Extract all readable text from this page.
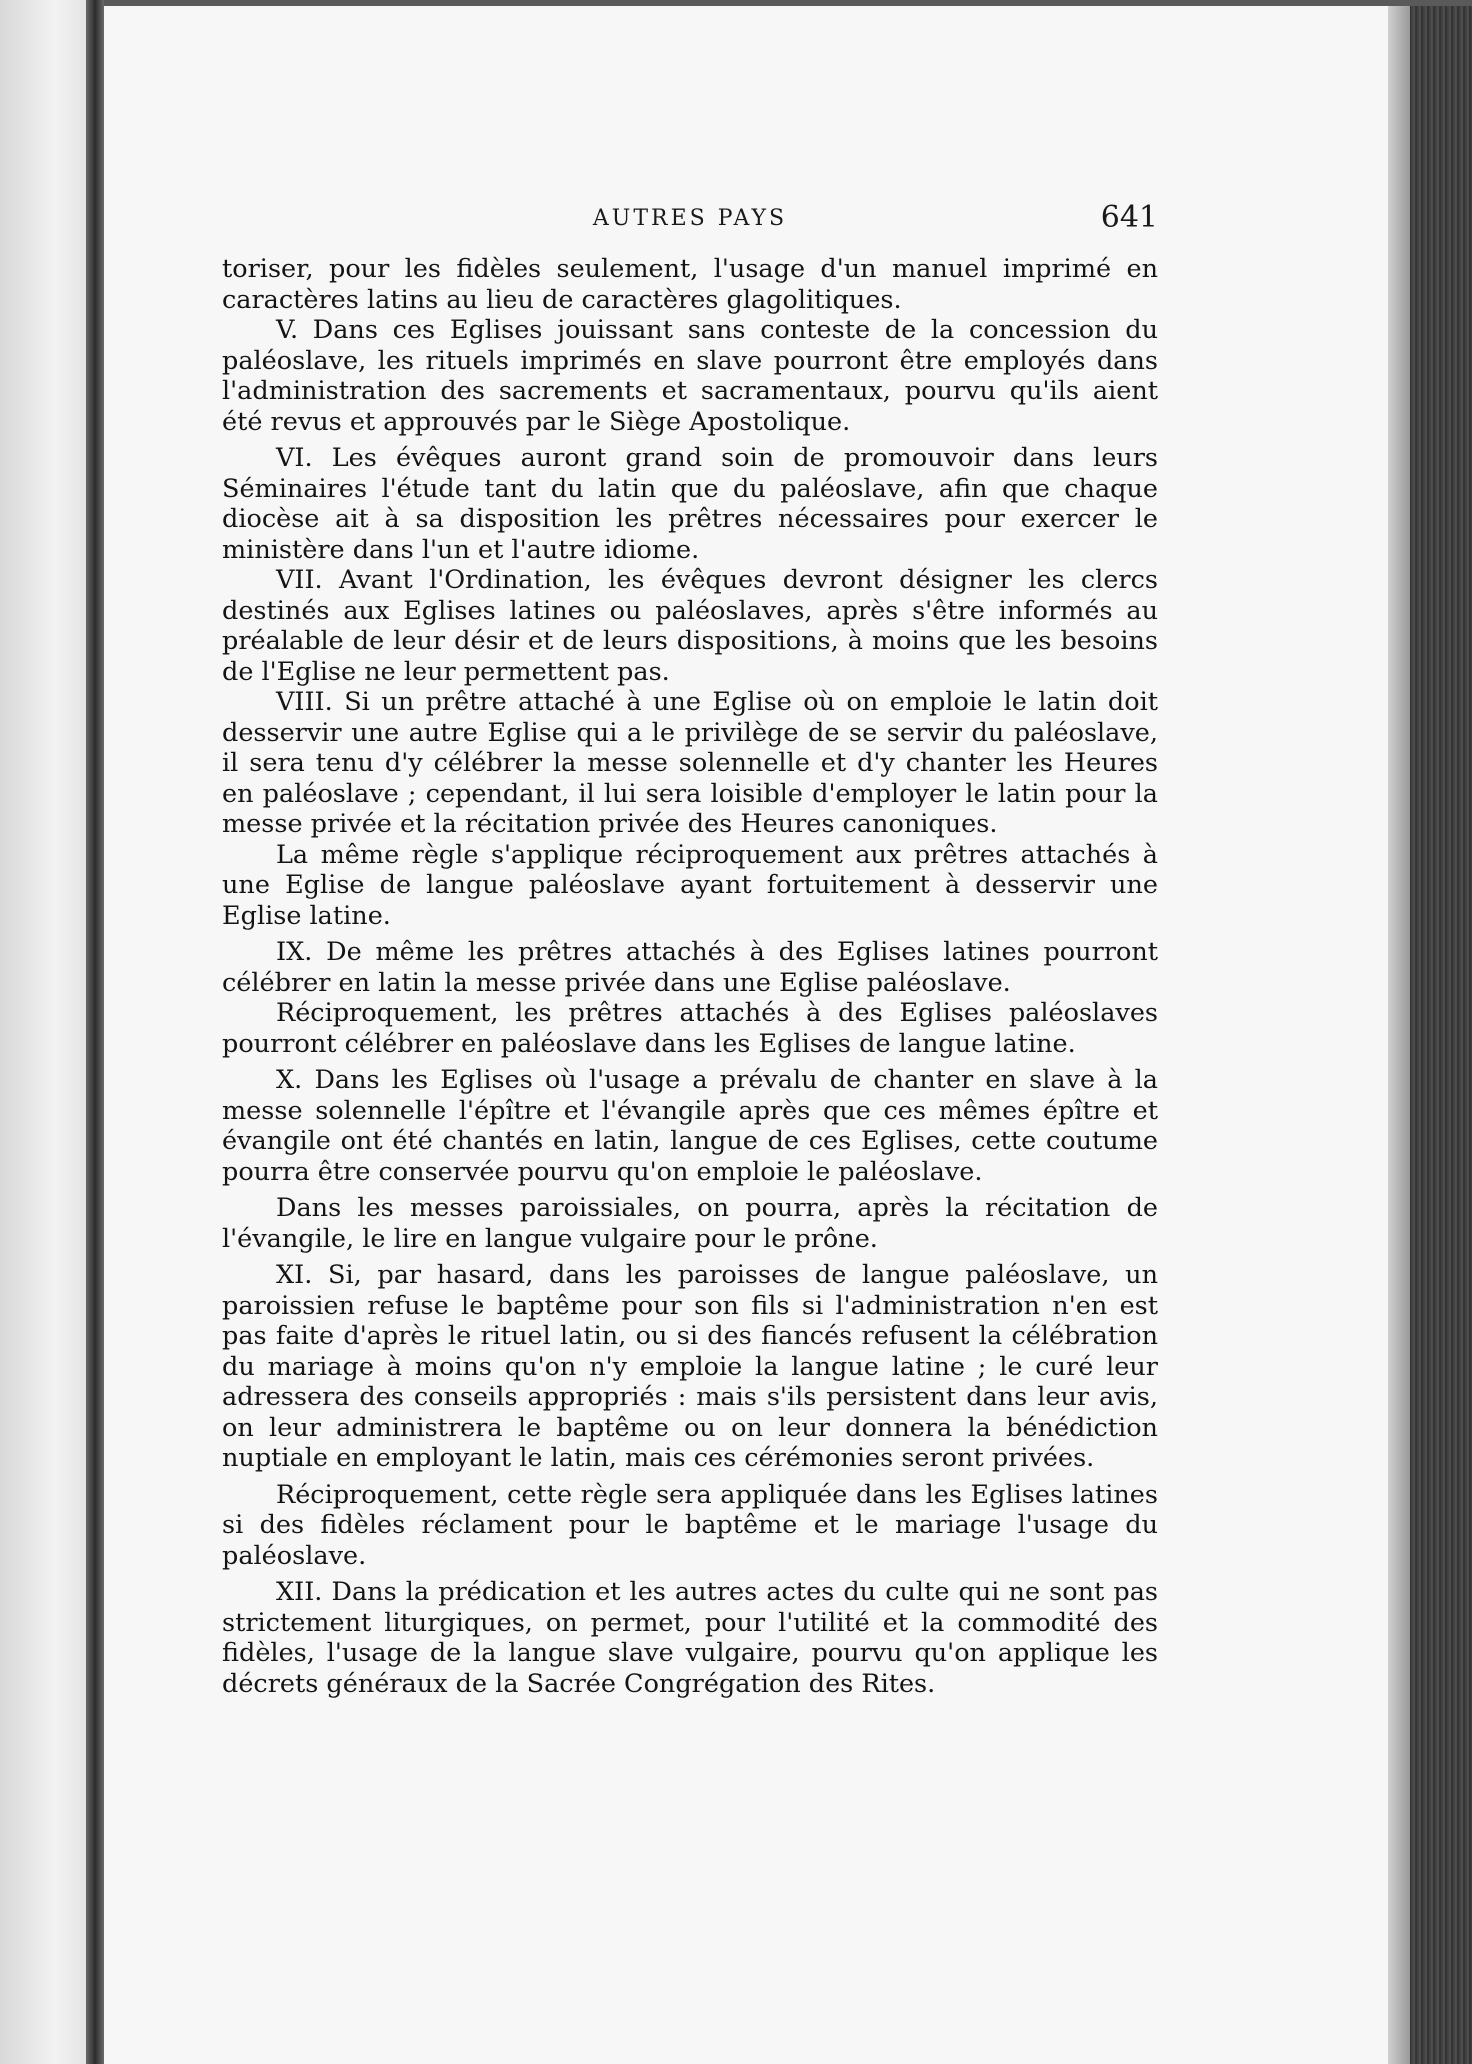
AUTRES PAYS	641

toriser, pour les fidèles seulement, l'usage d'un manuel imprimé en caractères latins au lieu de caractères glagolitiques.

V. Dans ces Eglises jouissant sans conteste de la concession du paléoslave, les rituels imprimés en slave pourront être employés dans l'administration des sacrements et sacramentaux, pourvu qu'ils aient été revus et approuvés par le Siège Apostolique.

VI. Les évêques auront grand soin de promouvoir dans leurs Séminaires l'étude tant du latin que du paléoslave, afin que chaque diocèse ait à sa disposition les prêtres nécessaires pour exercer le ministère dans l'un et l'autre idiome.

VII. Avant l'Ordination, les évêques devront désigner les clercs destinés aux Eglises latines ou paléoslaves, après s'être informés au préalable de leur désir et de leurs dispositions, à moins que les besoins de l'Eglise ne leur permettent pas.

VIII. Si un prêtre attaché à une Eglise où on emploie le latin doit desservir une autre Eglise qui a le privilège de se servir du paléoslave, il sera tenu d'y célébrer la messe solennelle et d'y chanter les Heures en paléoslave ; cependant, il lui sera loisible d'employer le latin pour la messe privée et la récitation privée des Heures canoniques.

La même règle s'applique réciproquement aux prêtres attachés à une Eglise de langue paléoslave ayant fortuitement à desservir une Eglise latine.

IX. De même les prêtres attachés à des Eglises latines pourront célébrer en latin la messe privée dans une Eglise paléoslave.

Réciproquement, les prêtres attachés à des Eglises paléoslaves pourront célébrer en paléoslave dans les Eglises de langue latine.

X. Dans les Eglises où l'usage a prévalu de chanter en slave à la messe solennelle l'épître et l'évangile après que ces mêmes épître et évangile ont été chantés en latin, langue de ces Eglises, cette coutume pourra être conservée pourvu qu'on emploie le paléoslave.

Dans les messes paroissiales, on pourra, après la récitation de l'évangile, le lire en langue vulgaire pour le prône.

XI. Si, par hasard, dans les paroisses de langue paléoslave, un paroissien refuse le baptême pour son fils si l'administration n'en est pas faite d'après le rituel latin, ou si des fiancés refusent la célébration du mariage à moins qu'on n'y emploie la langue latine ; le curé leur adressera des conseils appropriés : mais s'ils persistent dans leur avis, on leur administrera le baptême ou on leur donnera la bénédiction nuptiale en employant le latin, mais ces cérémonies seront privées.

Réciproquement, cette règle sera appliquée dans les Eglises latines si des fidèles réclament pour le baptême et le mariage l'usage du paléoslave.

XII. Dans la prédication et les autres actes du culte qui ne sont pas strictement liturgiques, on permet, pour l'utilité et la commodité des fidèles, l'usage de la langue slave vulgaire, pourvu qu'on applique les décrets généraux de la Sacrée Congrégation des Rites.
